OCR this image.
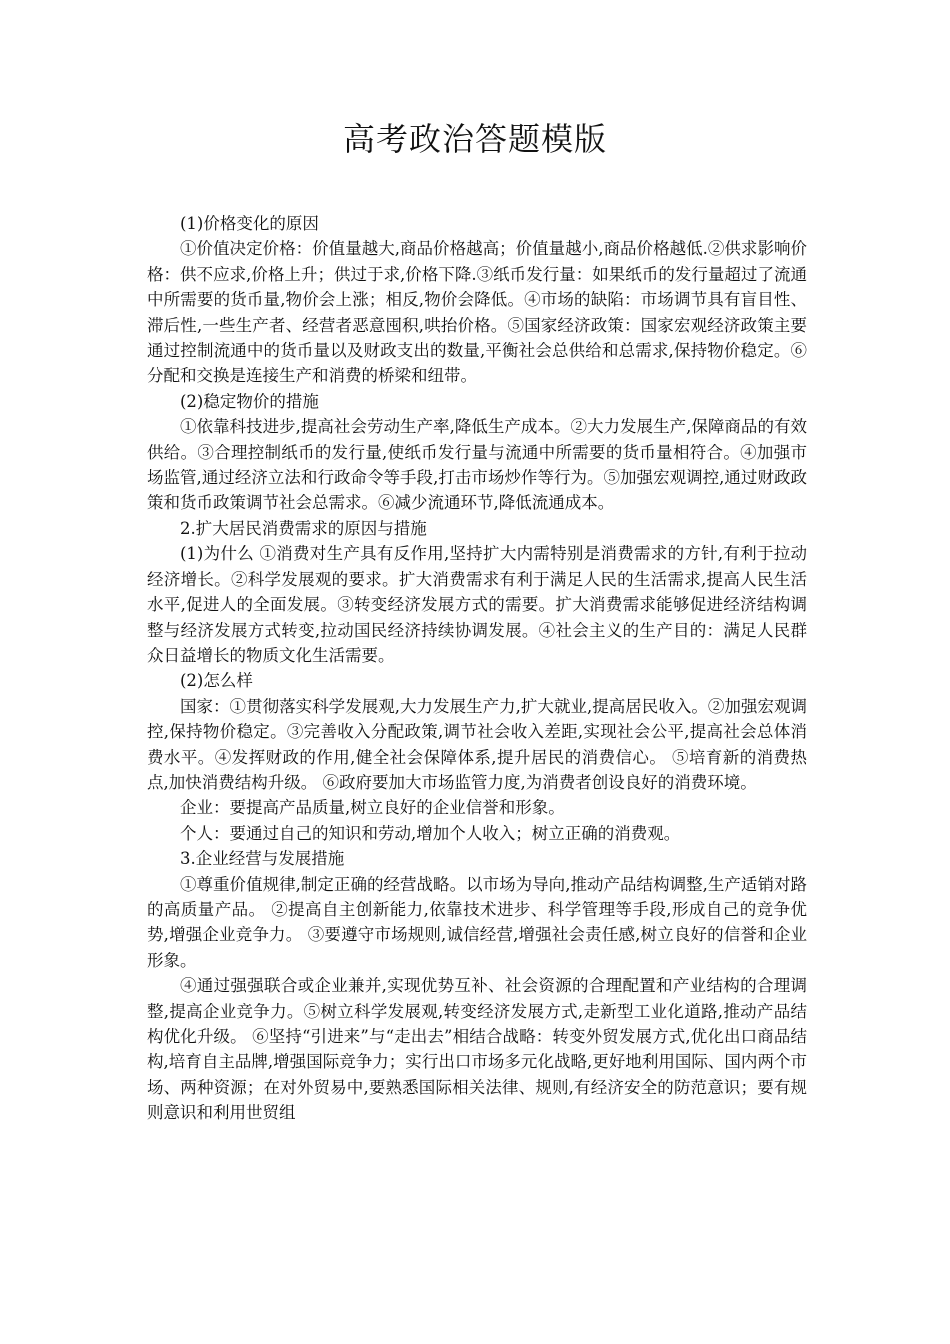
高考政治答题模版

(1)价格变化的原因

①价值决定价格：价值量越大,商品价格越高；价值量越小,商品价格越低.②供求影响价格：供不应求,价格上升；供过于求,价格下降.③纸币发行量：如果纸币的发行量超过了流通中所需要的货币量,物价会上涨；相反,物价会降低。④市场的缺陷：市场调节具有盲目性、滞后性,一些生产者、经营者恶意囤积,哄抬价格。⑤国家经济政策：国家宏观经济政策主要通过控制流通中的货币量以及财政支出的数量,平衡社会总供给和总需求,保持物价稳定。⑥分配和交换是连接生产和消费的桥梁和纽带。

(2)稳定物价的措施

①依靠科技进步,提高社会劳动生产率,降低生产成本。②大力发展生产,保障商品的有效供给。③合理控制纸币的发行量,使纸币发行量与流通中所需要的货币量相符合。④加强市场监管,通过经济立法和行政命令等手段,打击市场炒作等行为。⑤加强宏观调控,通过财政政策和货币政策调节社会总需求。⑥减少流通环节,降低流通成本。

2.扩大居民消费需求的原因与措施

(1)为什么 ①消费对生产具有反作用,坚持扩大内需特别是消费需求的方针,有利于拉动经济增长。②科学发展观的要求。扩大消费需求有利于满足人民的生活需求,提高人民生活水平,促进人的全面发展。③转变经济发展方式的需要。扩大消费需求能够促进经济结构调整与经济发展方式转变,拉动国民经济持续协调发展。④社会主义的生产目的：满足人民群众日益增长的物质文化生活需要。

(2)怎么样

国家：①贯彻落实科学发展观,大力发展生产力,扩大就业,提高居民收入。②加强宏观调控,保持物价稳定。③完善收入分配政策,调节社会收入差距,实现社会公平,提高社会总体消费水平。④发挥财政的作用,健全社会保障体系,提升居民的消费信心。 ⑤培育新的消费热点,加快消费结构升级。 ⑥政府要加大市场监管力度,为消费者创设良好的消费环境。

企业：要提高产品质量,树立良好的企业信誉和形象。

个人：要通过自己的知识和劳动,增加个人收入；树立正确的消费观。

3.企业经营与发展措施

①尊重价值规律,制定正确的经营战略。以市场为导向,推动产品结构调整,生产适销对路的高质量产品。 ②提高自主创新能力,依靠技术进步、科学管理等手段,形成自己的竞争优势,增强企业竞争力。 ③要遵守市场规则,诚信经营,增强社会责任感,树立良好的信誉和企业形象。

④通过强强联合或企业兼并,实现优势互补、社会资源的合理配置和产业结构的合理调整,提高企业竞争力。⑤树立科学发展观,转变经济发展方式,走新型工业化道路,推动产品结构优化升级。 ⑥坚持“引进来”与“走出去”相结合战略：转变外贸发展方式,优化出口商品结构,培育自主品牌,增强国际竞争力；实行出口市场多元化战略,更好地利用国际、国内两个市场、两种资源；在对外贸易中,要熟悉国际相关法律、规则,有经济安全的防范意识；要有规则意识和利用世贸组
